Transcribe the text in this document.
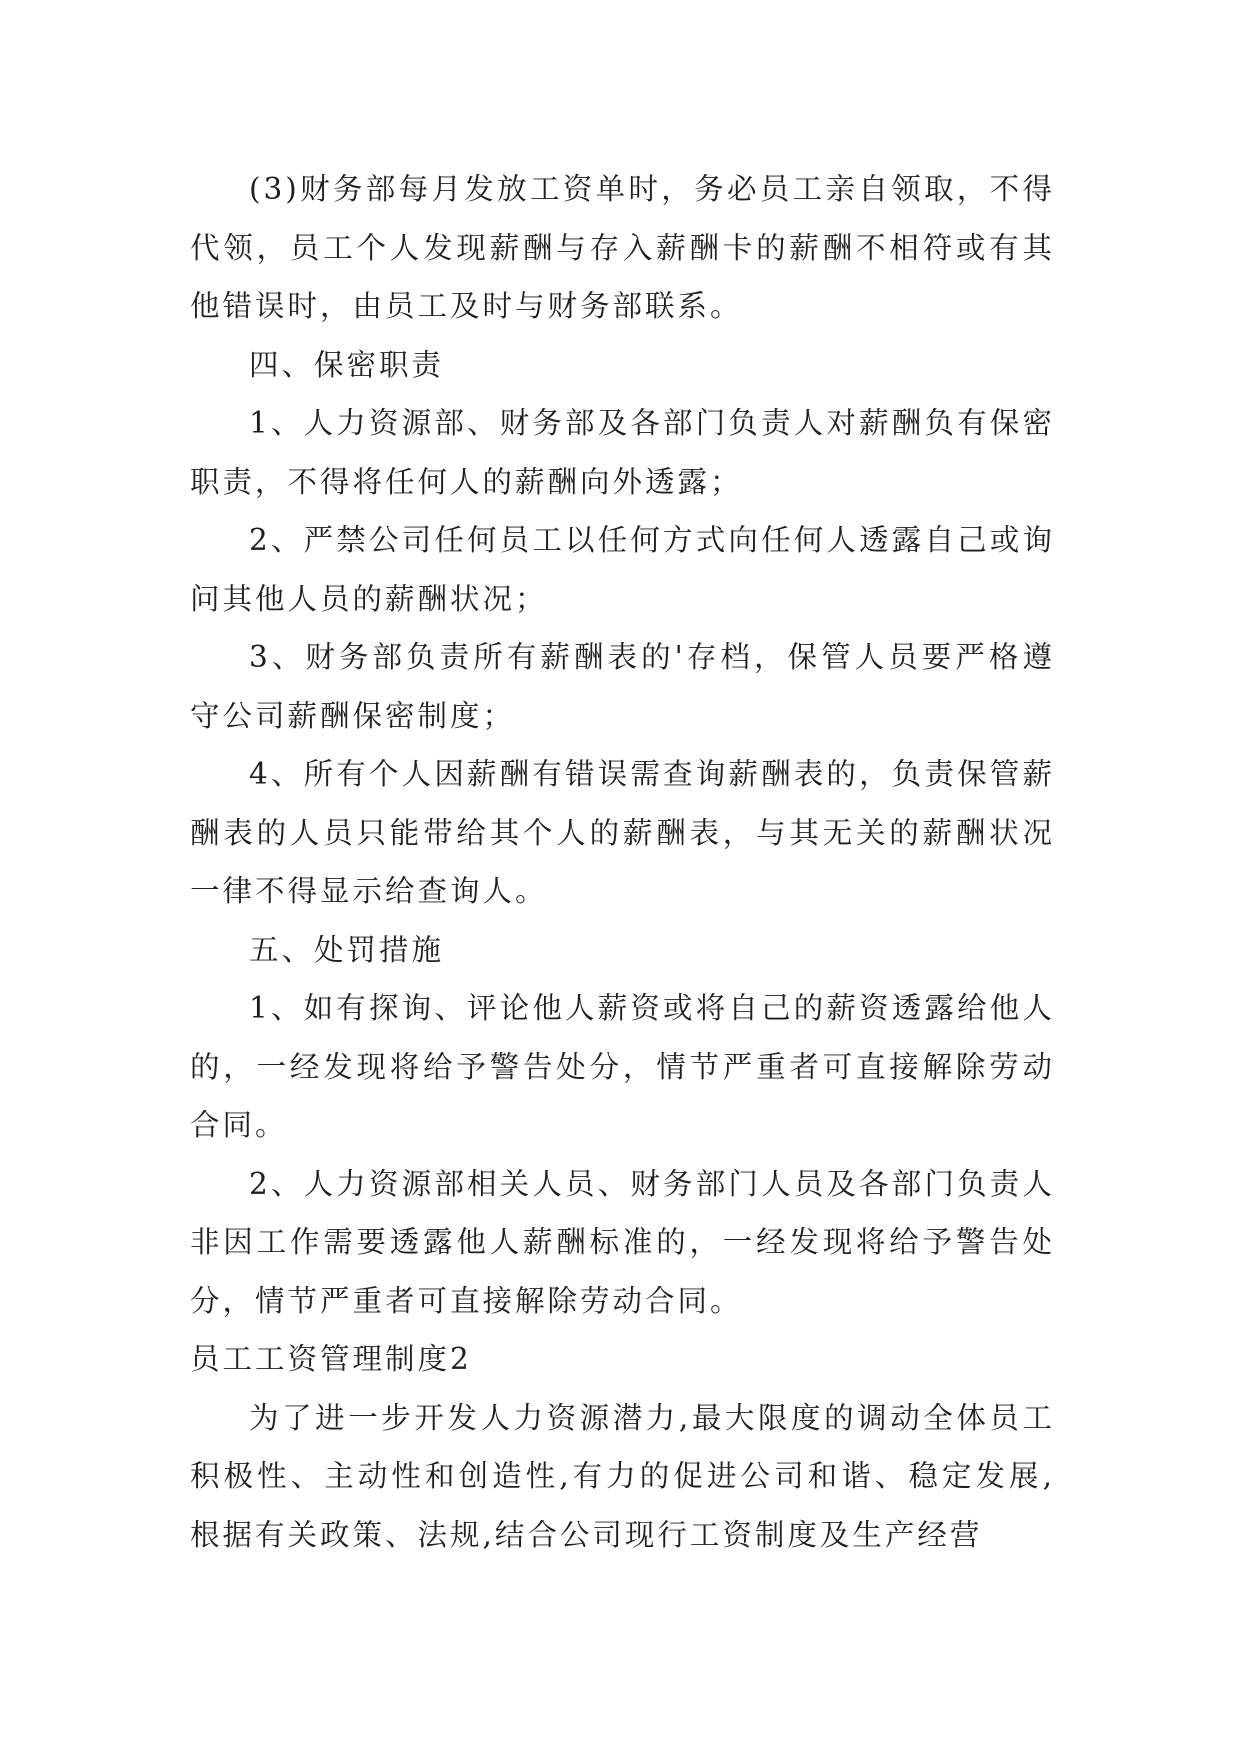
(3)财务部每月发放工资单时，务必员工亲自领取，不得代领，员工个人发现薪酬与存入薪酬卡的薪酬不相符或有其他错误时，由员工及时与财务部联系。

四、保密职责

1、人力资源部、财务部及各部门负责人对薪酬负有保密职责，不得将任何人的薪酬向外透露；

2、严禁公司任何员工以任何方式向任何人透露自己或询问其他人员的薪酬状况；

3、财务部负责所有薪酬表的'存档，保管人员要严格遵守公司薪酬保密制度；

4、所有个人因薪酬有错误需查询薪酬表的，负责保管薪酬表的人员只能带给其个人的薪酬表，与其无关的薪酬状况一律不得显示给查询人。

五、处罚措施

1、如有探询、评论他人薪资或将自己的薪资透露给他人的，一经发现将给予警告处分，情节严重者可直接解除劳动合同。

2、人力资源部相关人员、财务部门人员及各部门负责人非因工作需要透露他人薪酬标准的，一经发现将给予警告处分，情节严重者可直接解除劳动合同。

员工工资管理制度2

为了进一步开发人力资源潜力,最大限度的调动全体员工积极性、主动性和创造性,有力的促进公司和谐、稳定发展,根据有关政策、法规,结合公司现行工资制度及生产经营
